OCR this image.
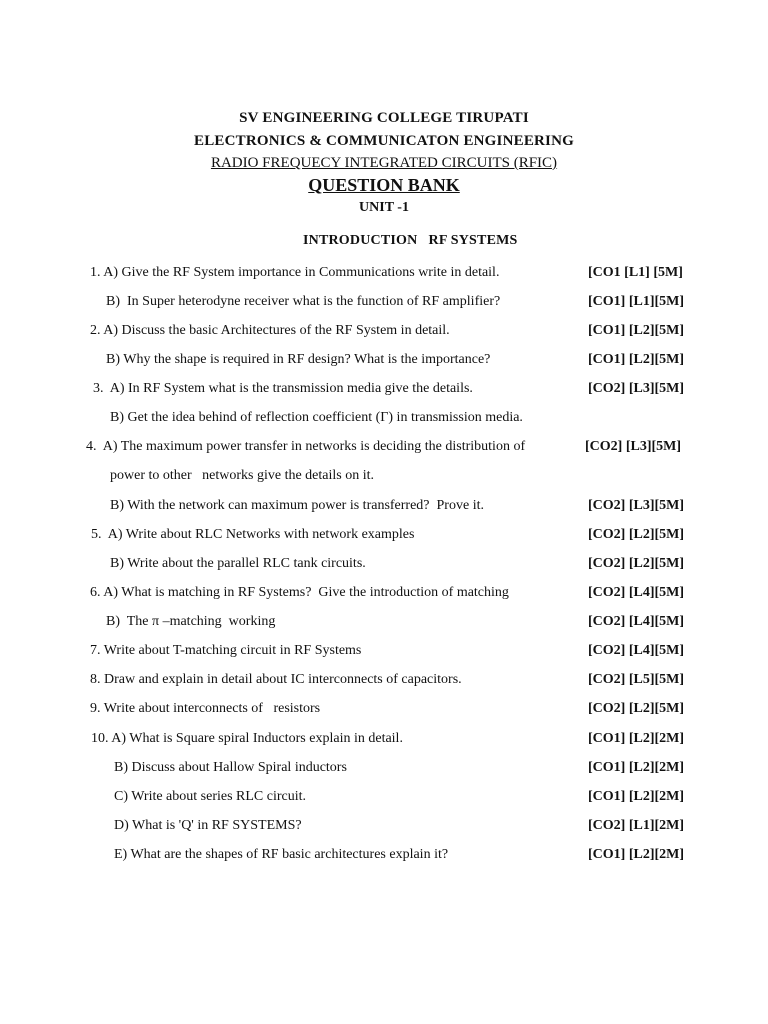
SV ENGINEERING COLLEGE TIRUPATI
ELECTRONICS & COMMUNICATON ENGINEERING
RADIO FREQUECY INTEGRATED CIRCUITS (RFIC)
QUESTION BANK
UNIT -1
INTRODUCTION   RF SYSTEMS

1. A) Give the RF System importance in Communications write in detail.

	[CO1 [L1] [5M]

B)  In Super heterodyne receiver what is the function of RF amplifier?

	[CO1] [L1][5M]

2. A) Discuss the basic Architectures of the RF System in detail.

	[CO1] [L2][5M]

B) Why the shape is required in RF design? What is the importance?

	[CO1] [L2][5M]

3.  A) In RF System what is the transmission media give the details.

	[CO2] [L3][5M]

B) Get the idea behind of reflection coefficient (Γ) in transmission media.

4.  A) The maximum power transfer in networks is deciding the distribution of

	[CO2] [L3][5M]

power to other   networks give the details on it.

B) With the network can maximum power is transferred?  Prove it.

	[CO2] [L3][5M]

5.  A) Write about RLC Networks with network examples

	[CO2] [L2][5M]

B) Write about the parallel RLC tank circuits.

	[CO2] [L2][5M]

6. A) What is matching in RF Systems?  Give the introduction of matching

	[CO2] [L4][5M]

B)  The π –matching  working

	[CO2] [L4][5M]

7. Write about T-matching circuit in RF Systems

	[CO2] [L4][5M]

8. Draw and explain in detail about IC interconnects of capacitors.

	[CO2] [L5][5M]

9. Write about interconnects of   resistors

	[CO2] [L2][5M]

10. A) What is Square spiral Inductors explain in detail.

	[CO1] [L2][2M]

B) Discuss about Hallow Spiral inductors

	[CO1] [L2][2M]

C) Write about series RLC circuit.

	[CO1] [L2][2M]

D) What is 'Q' in RF SYSTEMS?

	[CO2] [L1][2M]

E) What are the shapes of RF basic architectures explain it?

	[CO1] [L2][2M]
